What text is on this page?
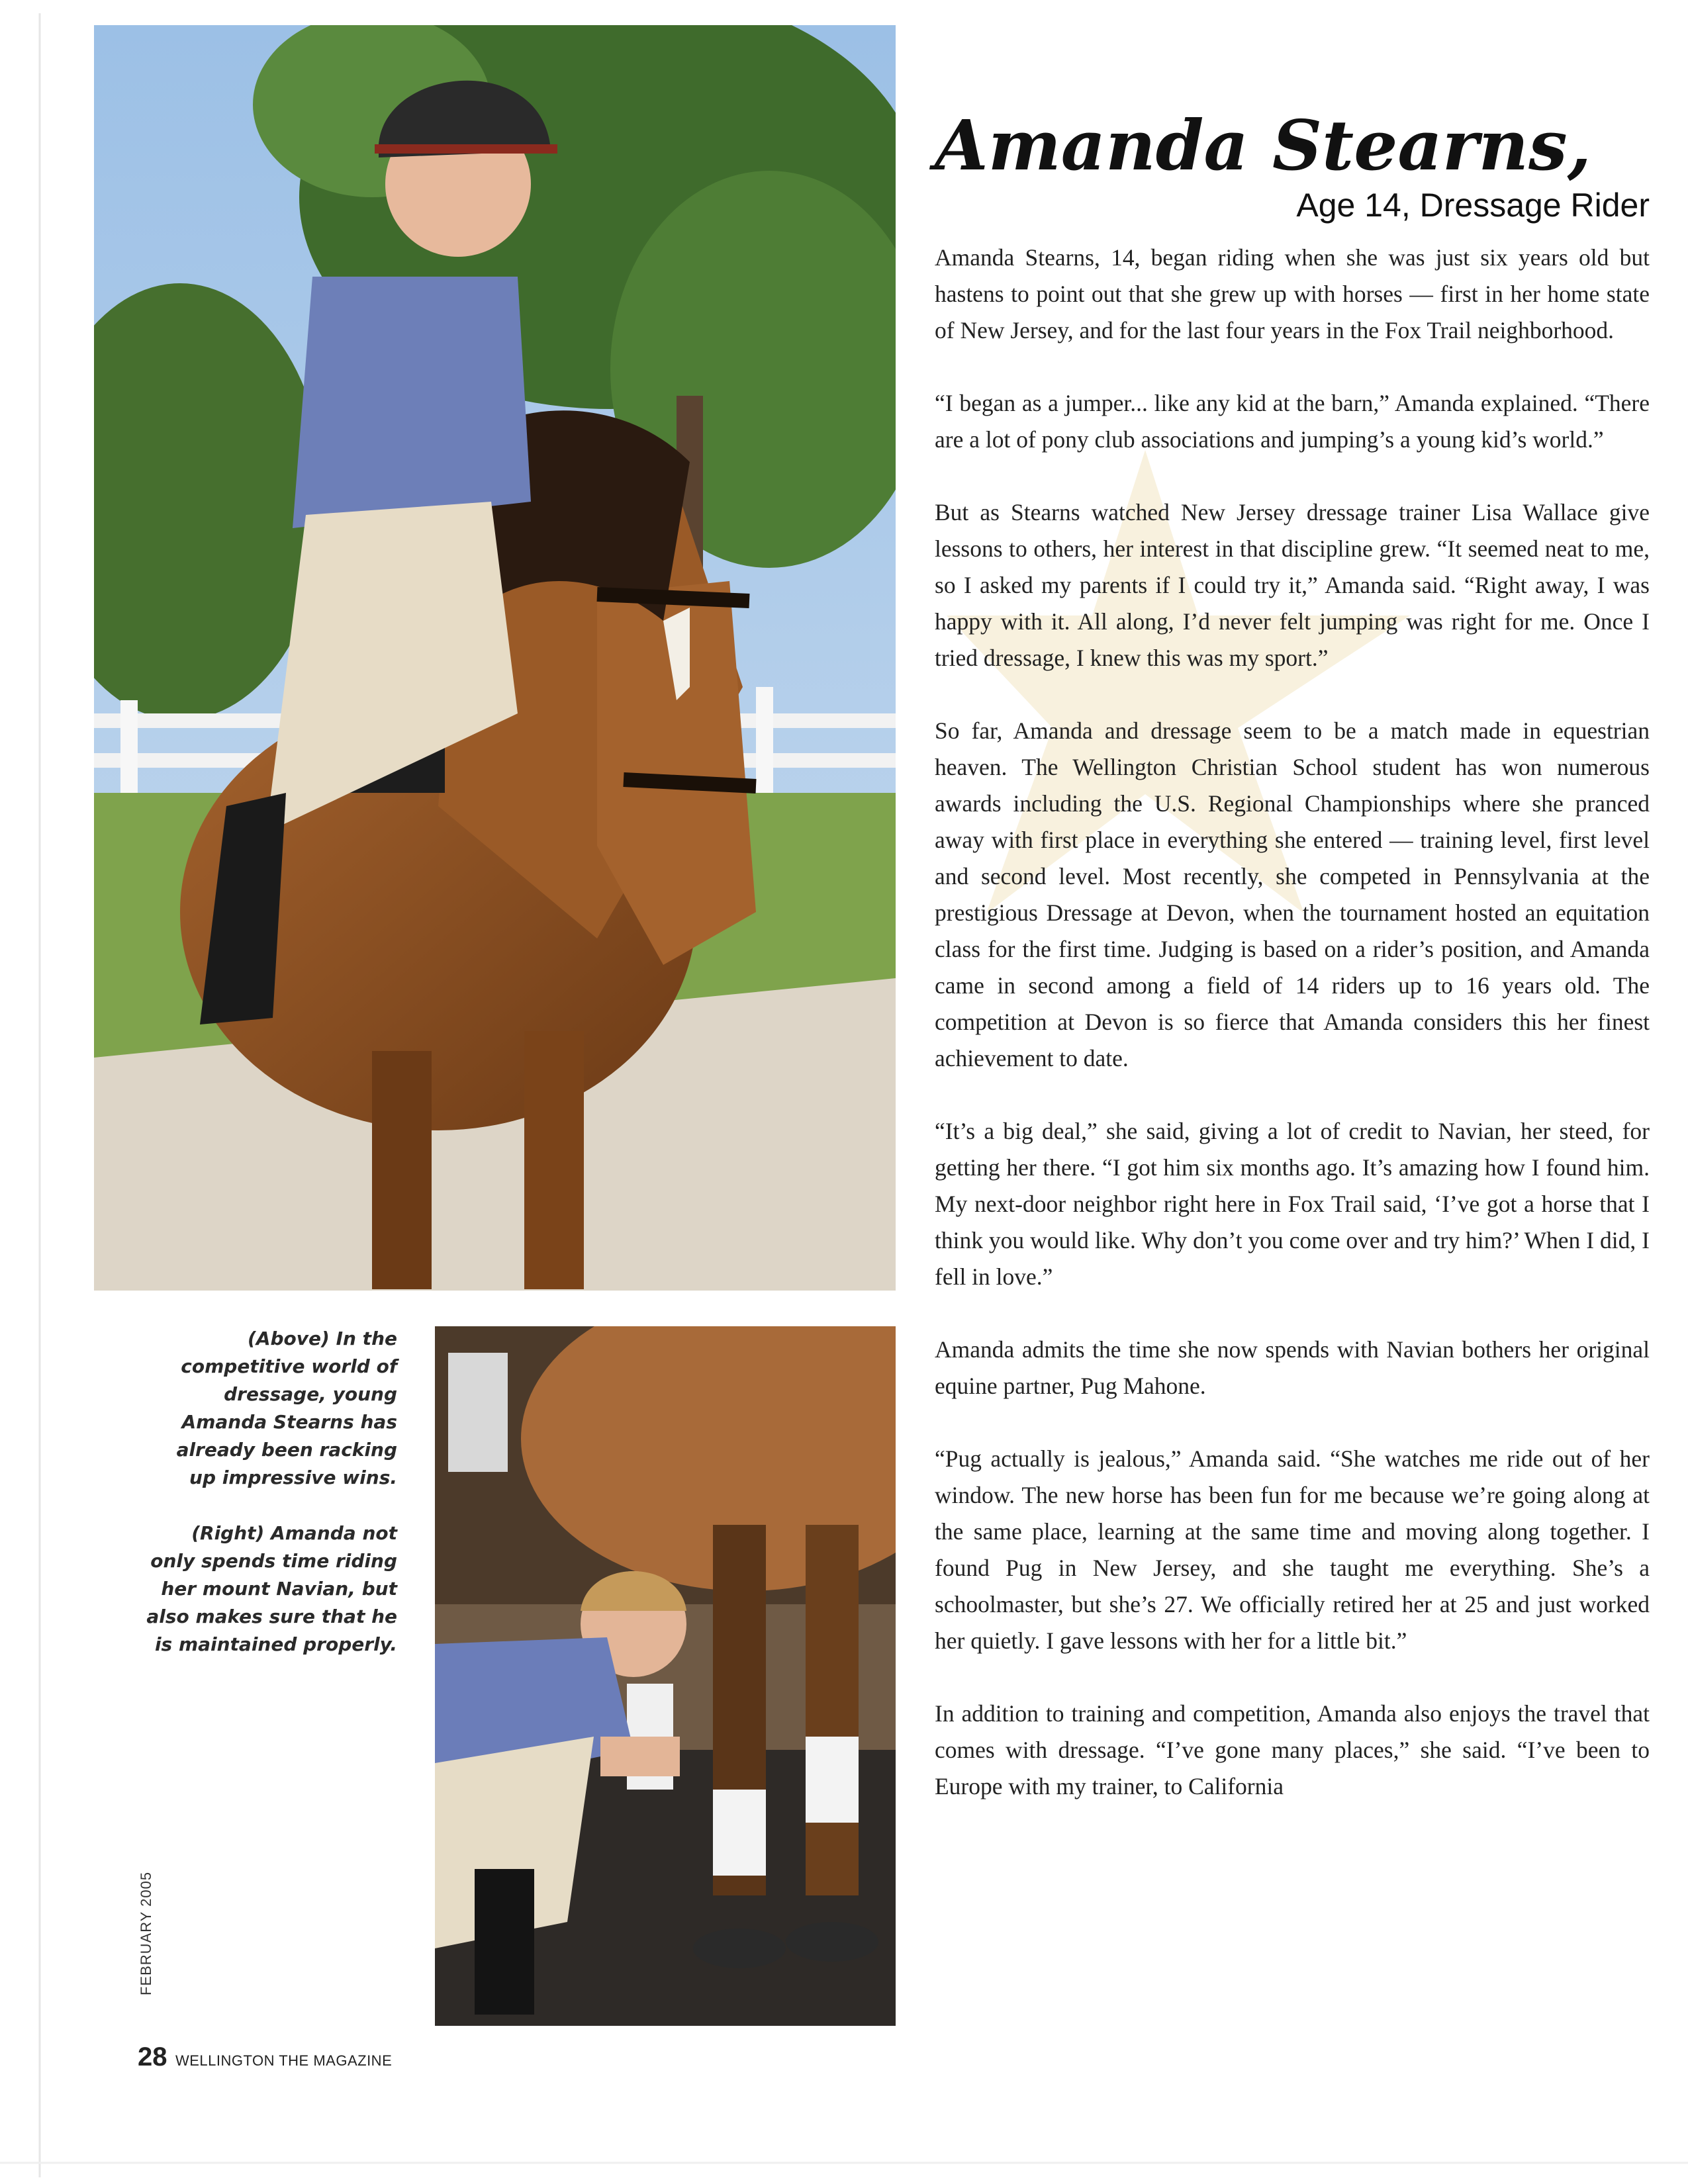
(Above) In the competitive world of dressage, young Amanda Stearns has already been racking up impressive wins.

(Right) Amanda not only spends time riding her mount Navian, but also makes sure that he is maintained properly.

FEBRUARY 2005
28 WELLINGTON THE MAGAZINE
Amanda Stearns,
Age 14, Dressage Rider

Amanda Stearns, 14, began riding when she was just six years old but hastens to point out that she grew up with horses — first in her home state of New Jersey, and for the last four years in the Fox Trail neighborhood.

“I began as a jumper... like any kid at the barn,” Amanda explained. “There are a lot of pony club associations and jumping’s a young kid’s world.”

But as Stearns watched New Jersey dressage trainer Lisa Wallace give lessons to others, her interest in that discipline grew. “It seemed neat to me, so I asked my parents if I could try it,” Amanda said. “Right away, I was happy with it. All along, I’d never felt jumping was right for me. Once I tried dressage, I knew this was my sport.”

So far, Amanda and dressage seem to be a match made in equestrian heaven. The Wellington Christian School student has won numerous awards including the U.S. Regional Championships where she pranced away with first place in everything she entered — training level, first level and second level. Most recently, she competed in Pennsylvania at the prestigious Dressage at Devon, when the tournament hosted an equitation class for the first time. Judging is based on a rider’s position, and Amanda came in second among a field of 14 riders up to 16 years old. The competition at Devon is so fierce that Amanda considers this her finest achievement to date.

“It’s a big deal,” she said, giving a lot of credit to Navian, her steed, for getting her there. “I got him six months ago. It’s amazing how I found him. My next-door neighbor right here in Fox Trail said, ‘I’ve got a horse that I think you would like. Why don’t you come over and try him?’ When I did, I fell in love.”

Amanda admits the time she now spends with Navian bothers her original equine partner, Pug Mahone.

“Pug actually is jealous,” Amanda said. “She watches me ride out of her window. The new horse has been fun for me because we’re going along at the same place, learning at the same time and moving along together. I found Pug in New Jersey, and she taught me everything. She’s a schoolmaster, but she’s 27. We officially retired her at 25 and just worked her quietly. I gave lessons with her for a little bit.”

In addition to training and competition, Amanda also enjoys the travel that comes with dressage. “I’ve gone many places,” she said. “I’ve been to Europe with my trainer, to California
